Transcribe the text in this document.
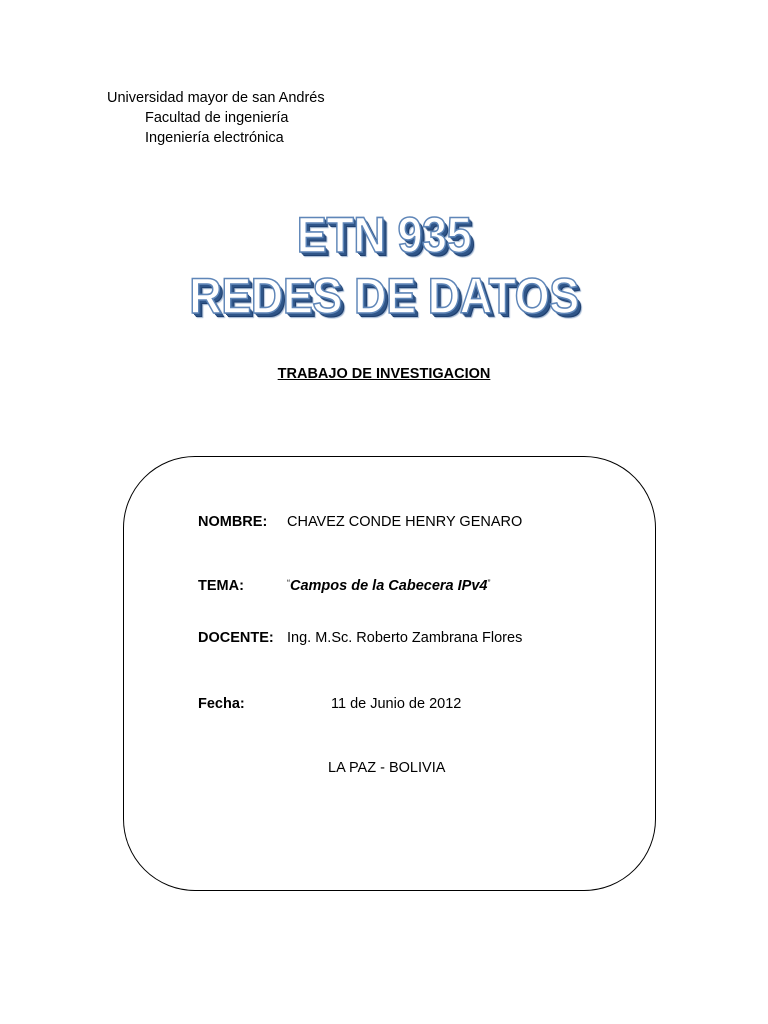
Universidad mayor de san Andrés
Facultad de ingeniería
Ingeniería electrónica
ETN 935
REDES DE DATOS
TRABAJO DE INVESTIGACION
NOMBRE: CHAVEZ CONDE HENRY GENARO
TEMA:	“Campos de la Cabecera IPv4”
DOCENTE: Ing. M.Sc. Roberto Zambrana Flores
Fecha:	11 de Junio de 2012
LA PAZ - BOLIVIA
